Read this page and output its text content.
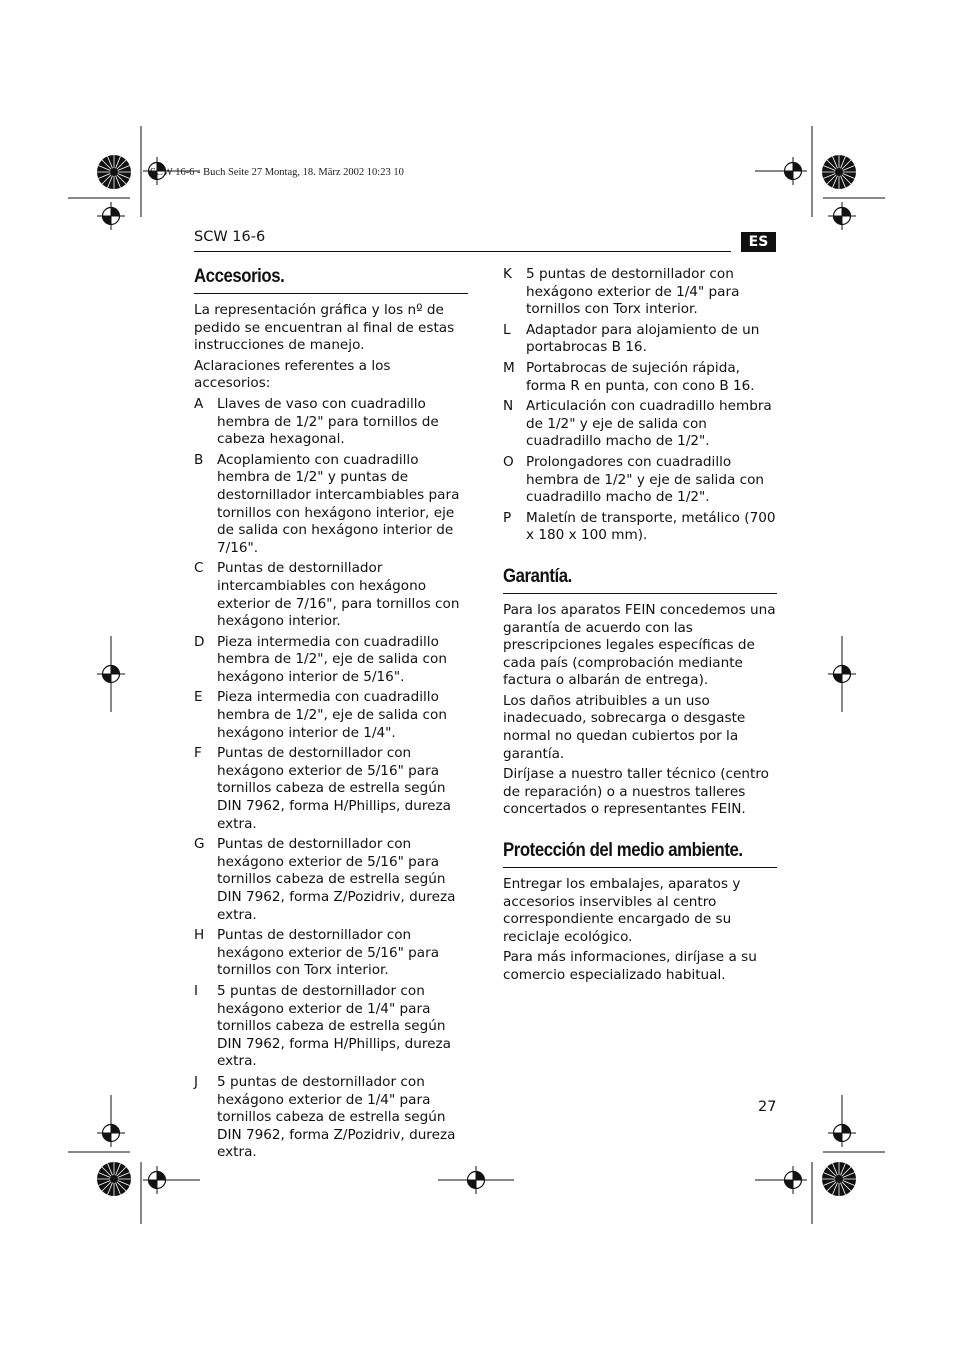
SCW 16-6 - Buch Seite 27 Montag, 18. März 2002 10:23 10
SCW 16-6	ES
Accesorios.

La representación gráfica y los nº de pedido se encuentran al final de estas instrucciones de manejo.

Aclaraciones referentes a los accesorios:

A	Llaves de vaso con cuadradillo hembra de 1/2" para tornillos de cabeza hexagonal.
B	Acoplamiento con cuadradillo hembra de 1/2" y puntas de destornillador intercambiables para tornillos con hexágono interior, eje de salida con hexágono interior de 7/16".
C Puntas de destornillador intercambiables con hexágono exterior de 7/16", para tornillos con hexágono interior.
D Pieza intermedia con cuadradillo hembra de 1/2", eje de salida con hexágono interior de 5/16".
E	Pieza intermedia con cuadradillo hembra de 1/2", eje de salida con hexágono interior de 1/4".
F	Puntas de destornillador con hexágono exterior de 5/16" para tornillos cabeza de estrella según DIN 7962, forma H/Phillips, dureza extra.
G Puntas de destornillador con hexágono exterior de 5/16" para tornillos cabeza de estrella según DIN 7962, forma Z/Pozidriv, dureza extra.
H Puntas de destornillador con hexágono exterior de 5/16" para tornillos con Torx interior.
I	5 puntas de destornillador con hexágono exterior de 1/4" para tornillos cabeza de estrella según DIN 7962, forma H/Phillips, dureza extra.
J	5 puntas de destornillador con hexágono exterior de 1/4" para tornillos cabeza de estrella según DIN 7962, forma Z/Pozidriv, dureza extra.
K	5 puntas de destornillador con hexágono exterior de 1/4" para tornillos con Torx interior.
L	Adaptador para alojamiento de un portabrocas B 16.
M Portabrocas de sujeción rápida, forma R en punta, con cono B 16.
N Articulación con cuadradillo hembra de 1/2" y eje de salida con cuadradillo macho de 1/2".
O Prolongadores con cuadradillo hembra de 1/2" y eje de salida con cuadradillo macho de 1/2".
P	Maletín de transporte, metálico (700 x 180 x 100 mm).
Garantía.

Para los aparatos FEIN concedemos una garantía de acuerdo con las prescripciones legales específicas de cada país (comprobación mediante factura o albarán de entrega).

Los daños atribuibles a un uso inadecuado, sobrecarga o desgaste normal no quedan cubiertos por la garantía.

Diríjase a nuestro taller técnico (centro de reparación) o a nuestros talleres concertados o representantes FEIN.

Protección del medio ambiente.

Entregar los embalajes, aparatos y accesorios inservibles al centro correspondiente encargado de su reciclaje ecológico.

Para más informaciones, diríjase a su comercio especializado habitual.

27
